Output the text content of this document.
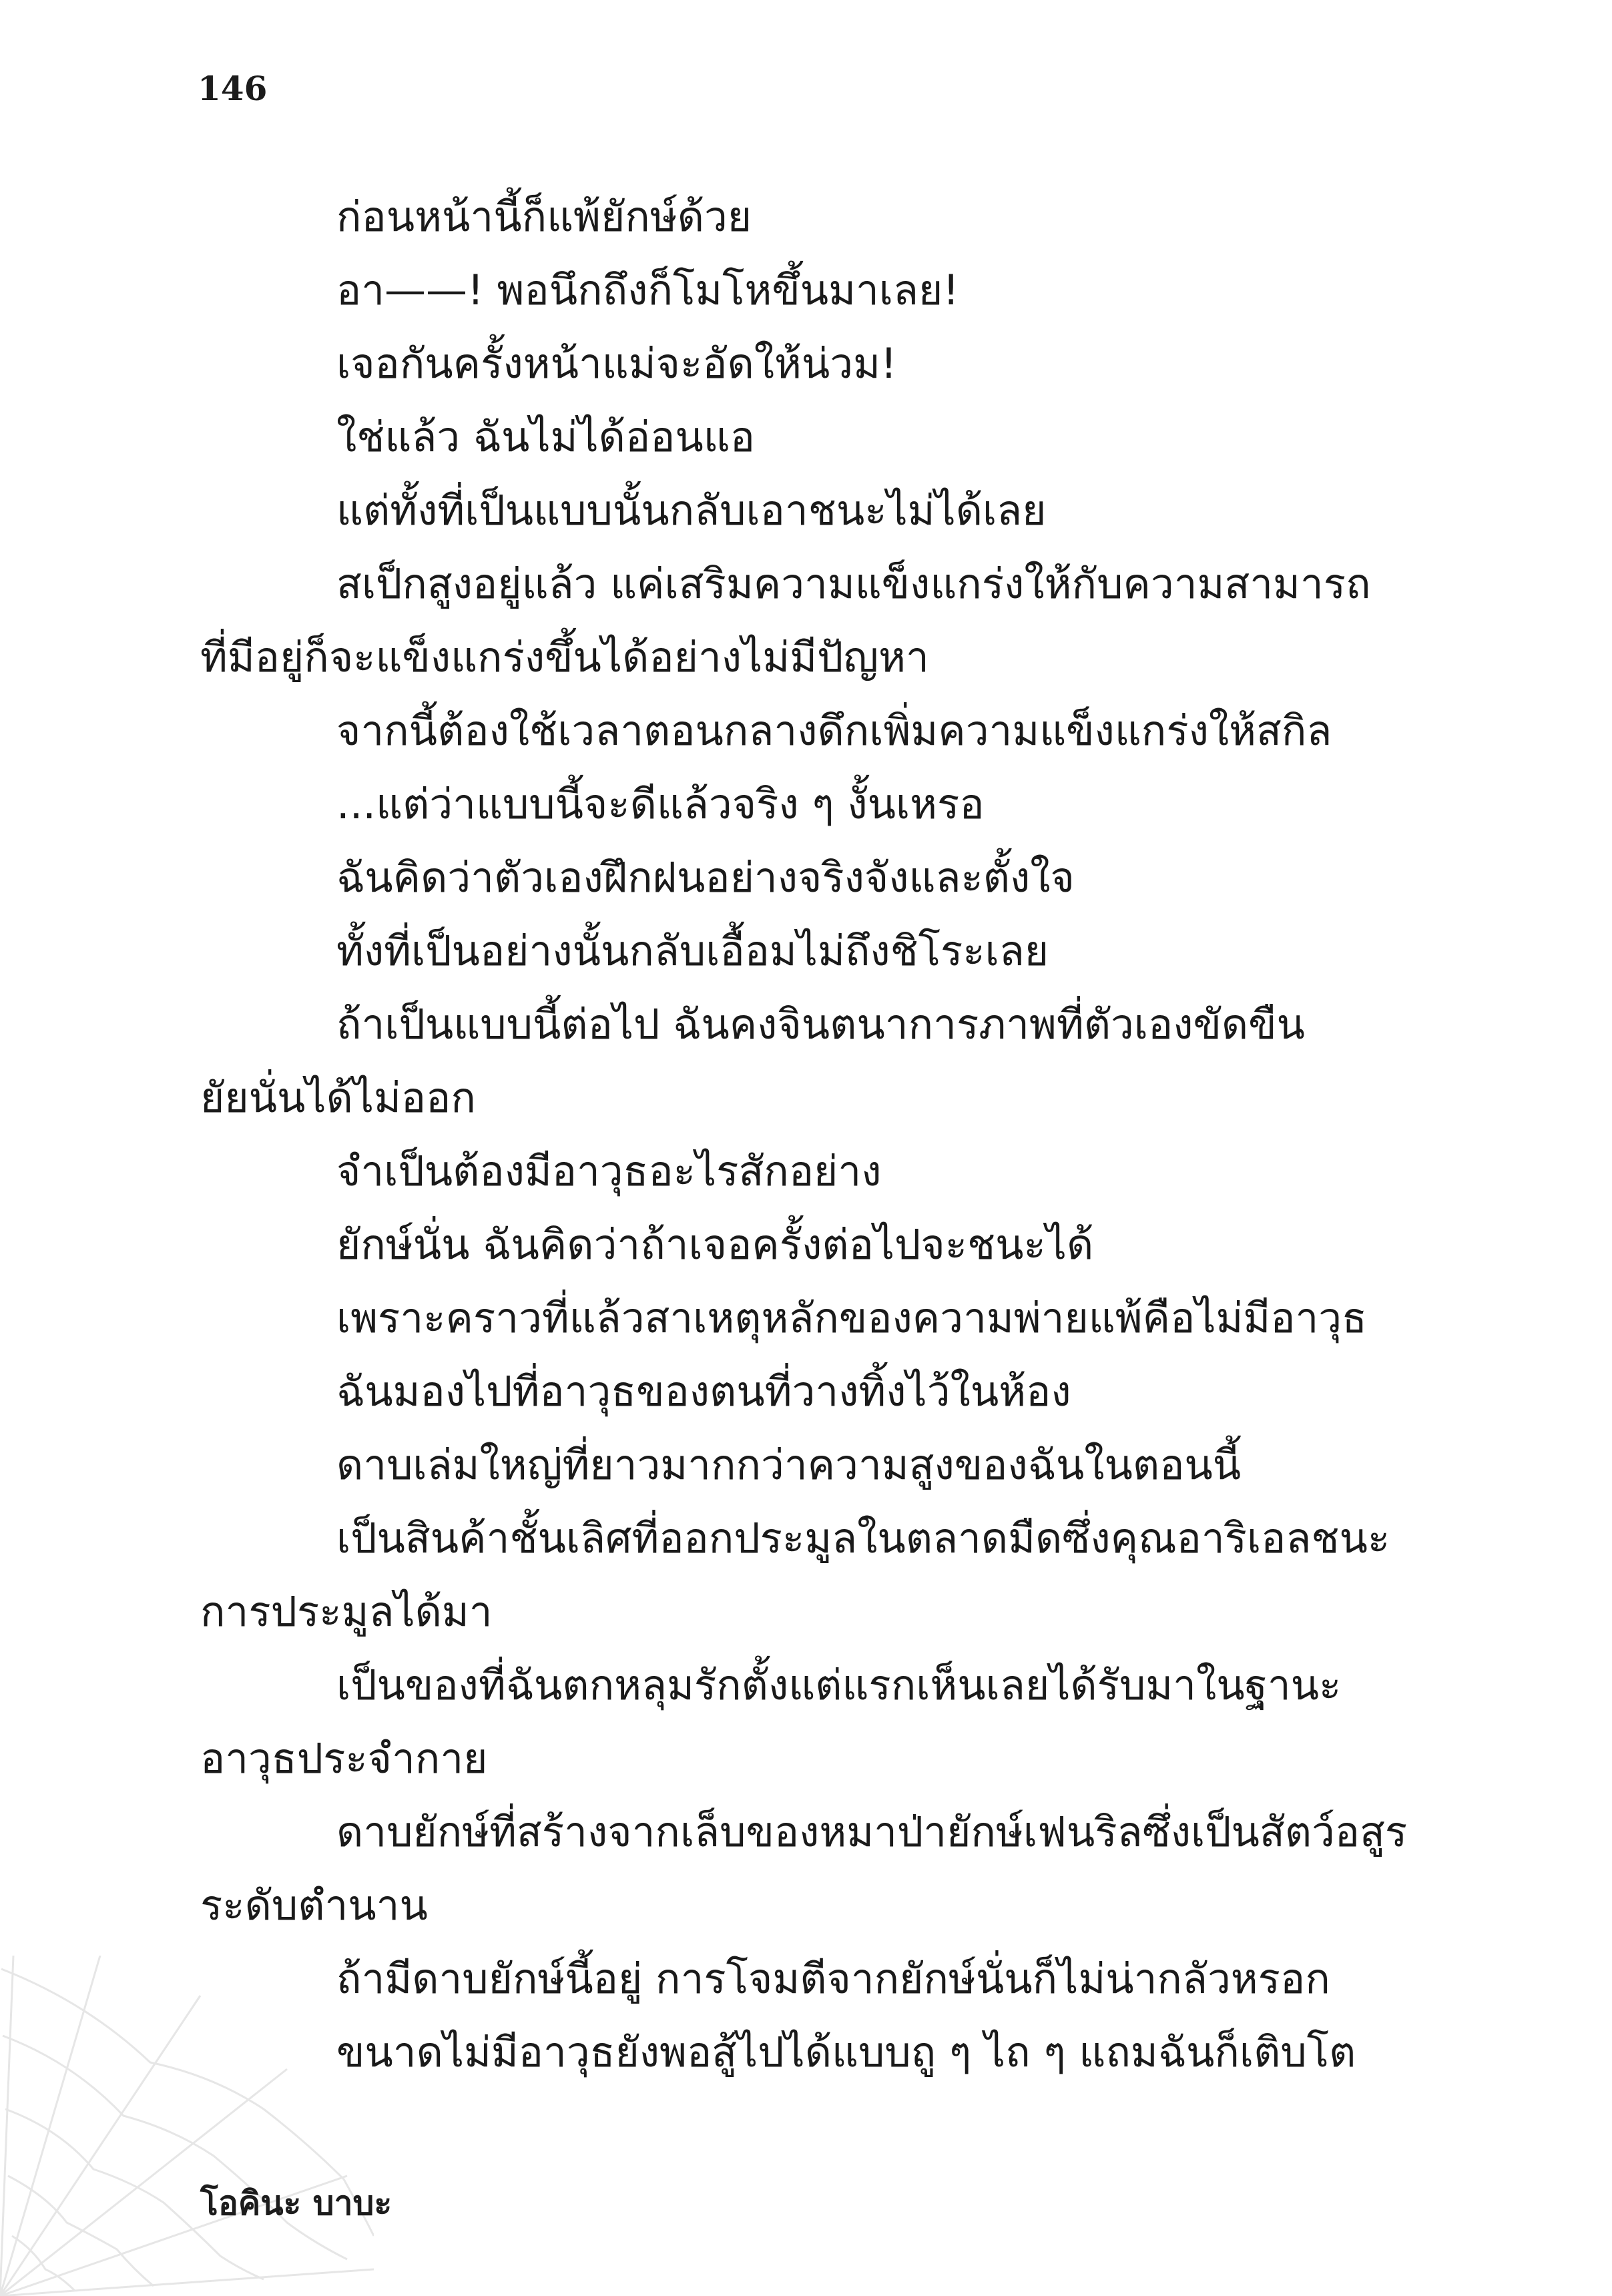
146
ก่อนหน้านี้ก็แพ้ยักษ์ด้วย
อา——! พอนึกถึงก็โมโหขึ้นมาเลย!
เจอกันครั้งหน้าแม่จะอัดให้น่วม!
ใช่แล้ว ฉันไม่ได้อ่อนแอ
แต่ทั้งที่เป็นแบบนั้นกลับเอาชนะไม่ได้เลย
สเป็กสูงอยู่แล้ว แค่เสริมความแข็งแกร่งให้กับความสามารถ
ที่มีอยู่ก็จะแข็งแกร่งขึ้นได้อย่างไม่มีปัญหา
จากนี้ต้องใช้เวลาตอนกลางดึกเพิ่มความแข็งแกร่งให้สกิล
...แต่ว่าแบบนี้จะดีแล้วจริง ๆ งั้นเหรอ
ฉันคิดว่าตัวเองฝึกฝนอย่างจริงจังและตั้งใจ
ทั้งที่เป็นอย่างนั้นกลับเอื้อมไม่ถึงชิโระเลย
ถ้าเป็นแบบนี้ต่อไป ฉันคงจินตนาการภาพที่ตัวเองขัดขืน
ยัยนั่นได้ไม่ออก
จำเป็นต้องมีอาวุธอะไรสักอย่าง
ยักษ์นั่น ฉันคิดว่าถ้าเจอครั้งต่อไปจะชนะได้
เพราะคราวที่แล้วสาเหตุหลักของความพ่ายแพ้คือไม่มีอาวุธ
ฉันมองไปที่อาวุธของตนที่วางทิ้งไว้ในห้อง
ดาบเล่มใหญ่ที่ยาวมากกว่าความสูงของฉันในตอนนี้
เป็นสินค้าชั้นเลิศที่ออกประมูลในตลาดมืดซึ่งคุณอาริเอลชนะ
การประมูลได้มา
เป็นของที่ฉันตกหลุมรักตั้งแต่แรกเห็นเลยได้รับมาในฐานะ
อาวุธประจำกาย
ดาบยักษ์ที่สร้างจากเล็บของหมาป่ายักษ์เฟนริลซึ่งเป็นสัตว์อสูร
ระดับตำนาน
ถ้ามีดาบยักษ์นี้อยู่ การโจมตีจากยักษ์นั่นก็ไม่น่ากลัวหรอก
ขนาดไม่มีอาวุธยังพอสู้ไปได้แบบถู ๆ ไถ ๆ แถมฉันก็เติบโต
โอคินะ บาบะ
